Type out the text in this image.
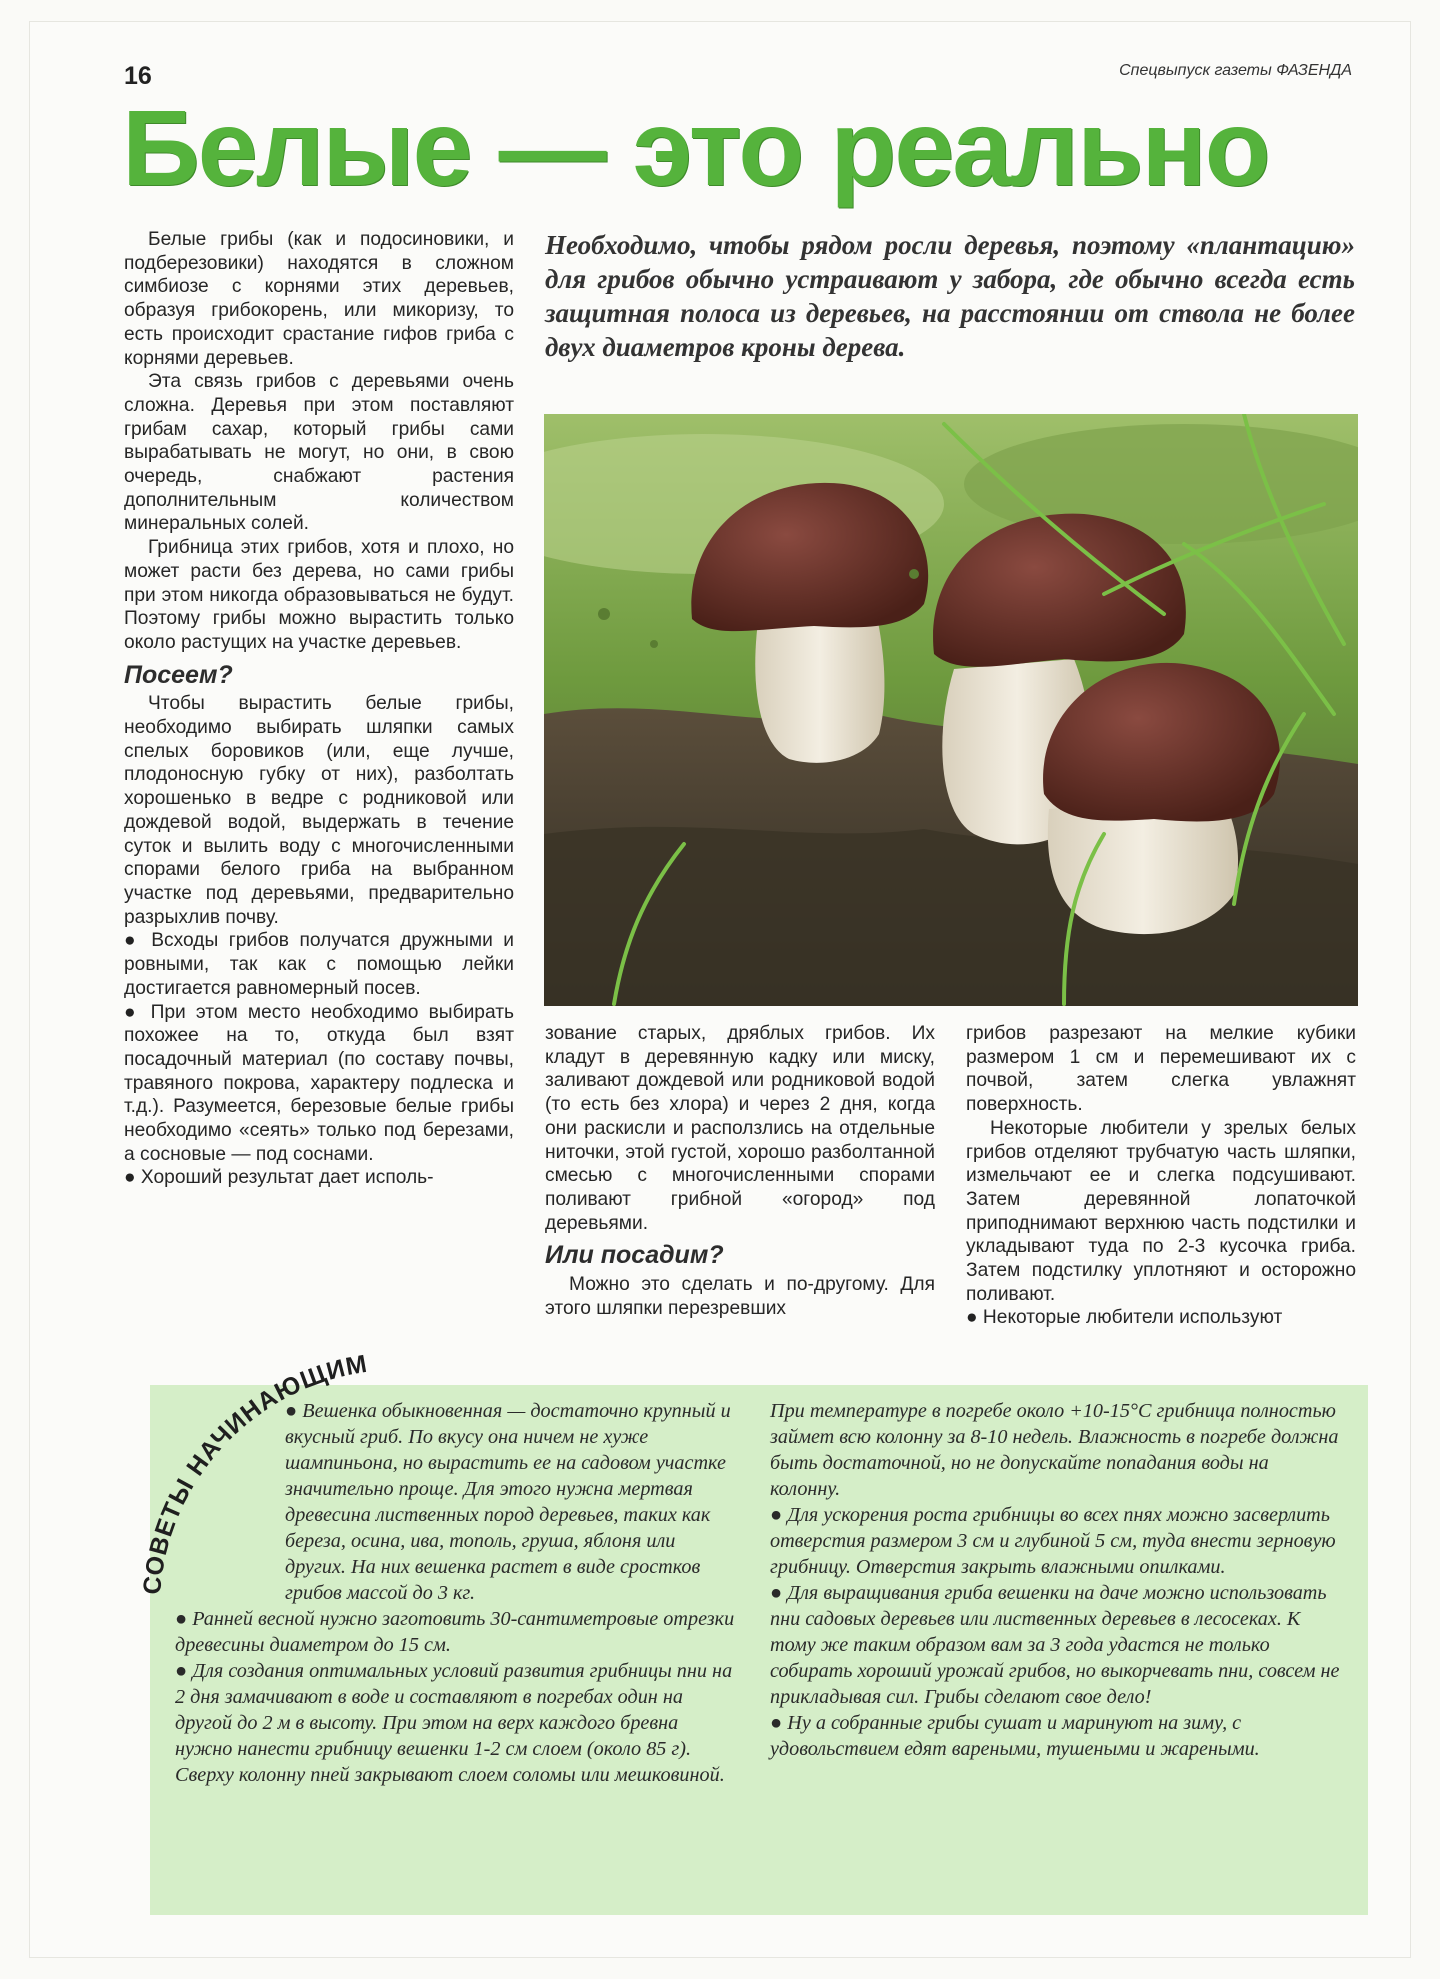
16	Спецвыпуск газеты ФАЗЕНДА
Белые — это реально

Белые грибы (как и подосиновики, и подберезовики) находятся в сложном симбиозе с корнями этих деревьев, образуя грибокорень, или микоризу, то есть происходит срастание гифов гриба с корнями деревьев.

Эта связь грибов с деревьями очень сложна. Деревья при этом поставляют грибам сахар, который грибы сами вырабатывать не могут, но они, в свою очередь, снабжают растения дополнительным количеством минеральных солей.

Грибница этих грибов, хотя и плохо, но может расти без дерева, но сами грибы при этом никогда образовываться не будут. Поэтому грибы можно вырастить только около растущих на участке деревьев.

Посеем?

Чтобы вырастить белые грибы, необходимо выбирать шляпки самых спелых боровиков (или, еще лучше, плодоносную губку от них), разболтать хорошенько в ведре с родниковой или дождевой водой, выдержать в течение суток и вылить воду с многочисленными спорами белого гриба на выбранном участке под деревьями, предварительно разрыхлив почву.

● Всходы грибов получатся дружными и ровными, так как с помощью лейки достигается равномерный посев.

● При этом место необходимо выбирать похожее на то, откуда был взят посадочный материал (по составу почвы, травяного покрова, характеру подлеска и т.д.). Разумеется, березовые белые грибы необходимо «сеять» только под березами, а сосновые — под соснами.

● Хороший результат дает исполь-

Необходимо, чтобы рядом росли деревья, поэтому «плантацию» для грибов обычно устраивают у забора, где обычно всегда есть защитная полоса из деревьев, на расстоянии от ствола не более двух диаметров кроны дерева.

зование старых, дряблых грибов. Их кладут в деревянную кадку или миску, заливают дождевой или родниковой водой (то есть без хлора) и через 2 дня, когда они раскисли и расползлись на отдельные ниточки, этой густой, хорошо разболтанной смесью с многочисленными спорами поливают грибной «огород» под деревьями.

Или посадим?

Можно это сделать и по-другому. Для этого шляпки перезревших

грибов разрезают на мелкие кубики размером 1 см и перемешивают их с почвой, затем слегка увлажнят поверхность.

Некоторые любители у зрелых белых грибов отделяют трубчатую часть шляпки, измельчают ее и слегка подсушивают. Затем деревянной лопаточкой приподнимают верхнюю часть подстилки и укладывают туда по 2-3 кусочка гриба. Затем подстилку уплотняют и осторожно поливают.

● Некоторые любители используют

СОВЕТЫ НАЧИНАЮЩИМ

● Вешенка обыкновенная — достаточно крупный и вкусный гриб. По вкусу она ничем не хуже шампиньона, но вырастить ее на садовом участке значительно проще. Для этого нужна мертвая древесина лиственных пород деревьев, таких как береза, осина, ива, тополь, груша, яблоня или других. На них вешенка растет в виде сростков грибов массой до 3 кг.

● Ранней весной нужно заготовить 30-сантиметровые отрезки древесины диаметром до 15 см.

● Для создания оптимальных условий развития грибницы пни на 2 дня замачивают в воде и составляют в погребах один на другой до 2 м в высоту. При этом на верх каждого бревна нужно нанести грибницу вешенки 1-2 см слоем (около 85 г). Сверху колонну пней закрывают слоем соломы или мешковиной.

При температуре в погребе около +10-15°С грибница полностью займет всю колонну за 8-10 недель. Влажность в погребе должна быть достаточной, но не допускайте попадания воды на колонну.

● Для ускорения роста грибницы во всех пнях можно засверлить отверстия размером 3 см и глубиной 5 см, туда внести зерновую грибницу. Отверстия закрыть влажными опилками.

● Для выращивания гриба вешенки на даче можно использовать пни садовых деревьев или лиственных деревьев в лесосеках. К тому же таким образом вам за 3 года удастся не только собирать хороший урожай грибов, но выкорчевать пни, совсем не прикладывая сил. Грибы сделают свое дело!

● Ну а собранные грибы сушат и маринуют на зиму, с удовольствием едят вареными, тушеными и жареными.
